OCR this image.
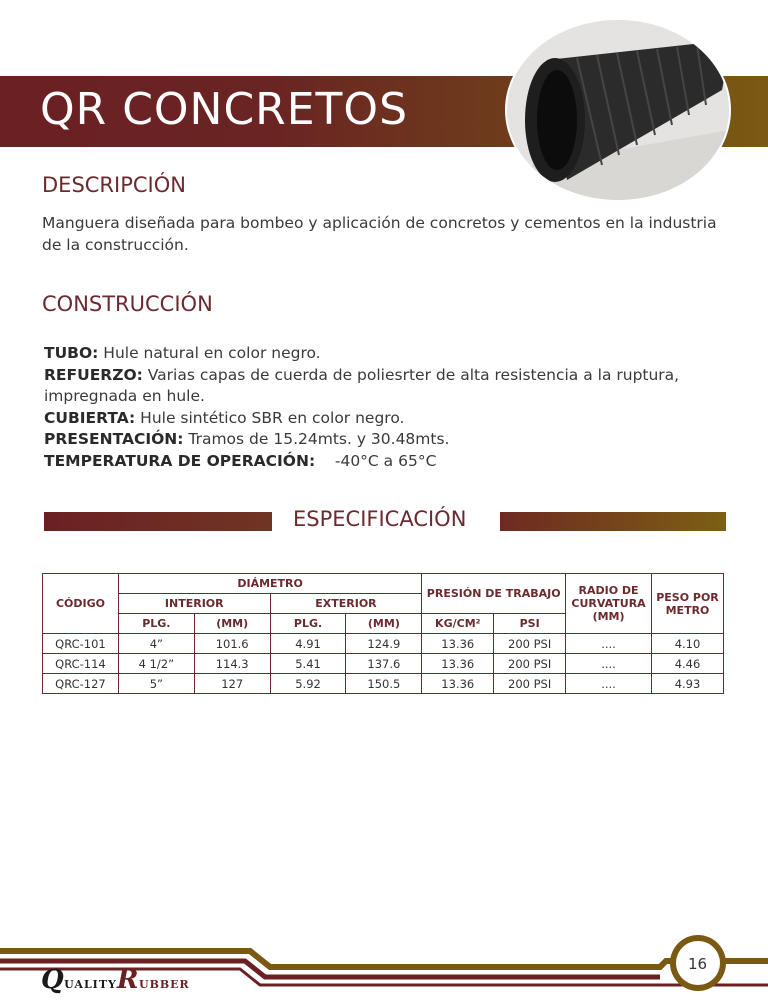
QR CONCRETOS
DESCRIPCIÓN
Manguera diseñada para bombeo y aplicación de concretos y cementos en la industria de la construcción.
CONSTRUCCIÓN
TUBO: Hule natural en color negro.
REFUERZO: Varias capas de cuerda de poliesrter de alta resistencia a la ruptura, impregnada en hule.
CUBIERTA: Hule sintético SBR en color negro.
PRESENTACIÓN: Tramos de 15.24mts. y 30.48mts.
TEMPERATURA DE OPERACIÓN:    -40°C a 65°C
ESPECIFICACIÓN
CÓDIGO	DIÁMETRO				PRESIÓN DE TRABAJO		RADIO DE CURVATURA (MM)	PESO POR METRO
	INTERIOR		EXTERIOR					
	PLG.	(MM)	PLG.	(MM)	KG/CM²	PSI		
QRC-101	4”	101.6	4.91	124.9	13.36	200 PSI	....	4.10
QRC-114	4 1/2”	114.3	5.41	137.6	13.36	200 PSI	....	4.46
QRC-127	5”	127	5.92	150.5	13.36	200 PSI	....	4.93
16
QUALITYRUBBER
